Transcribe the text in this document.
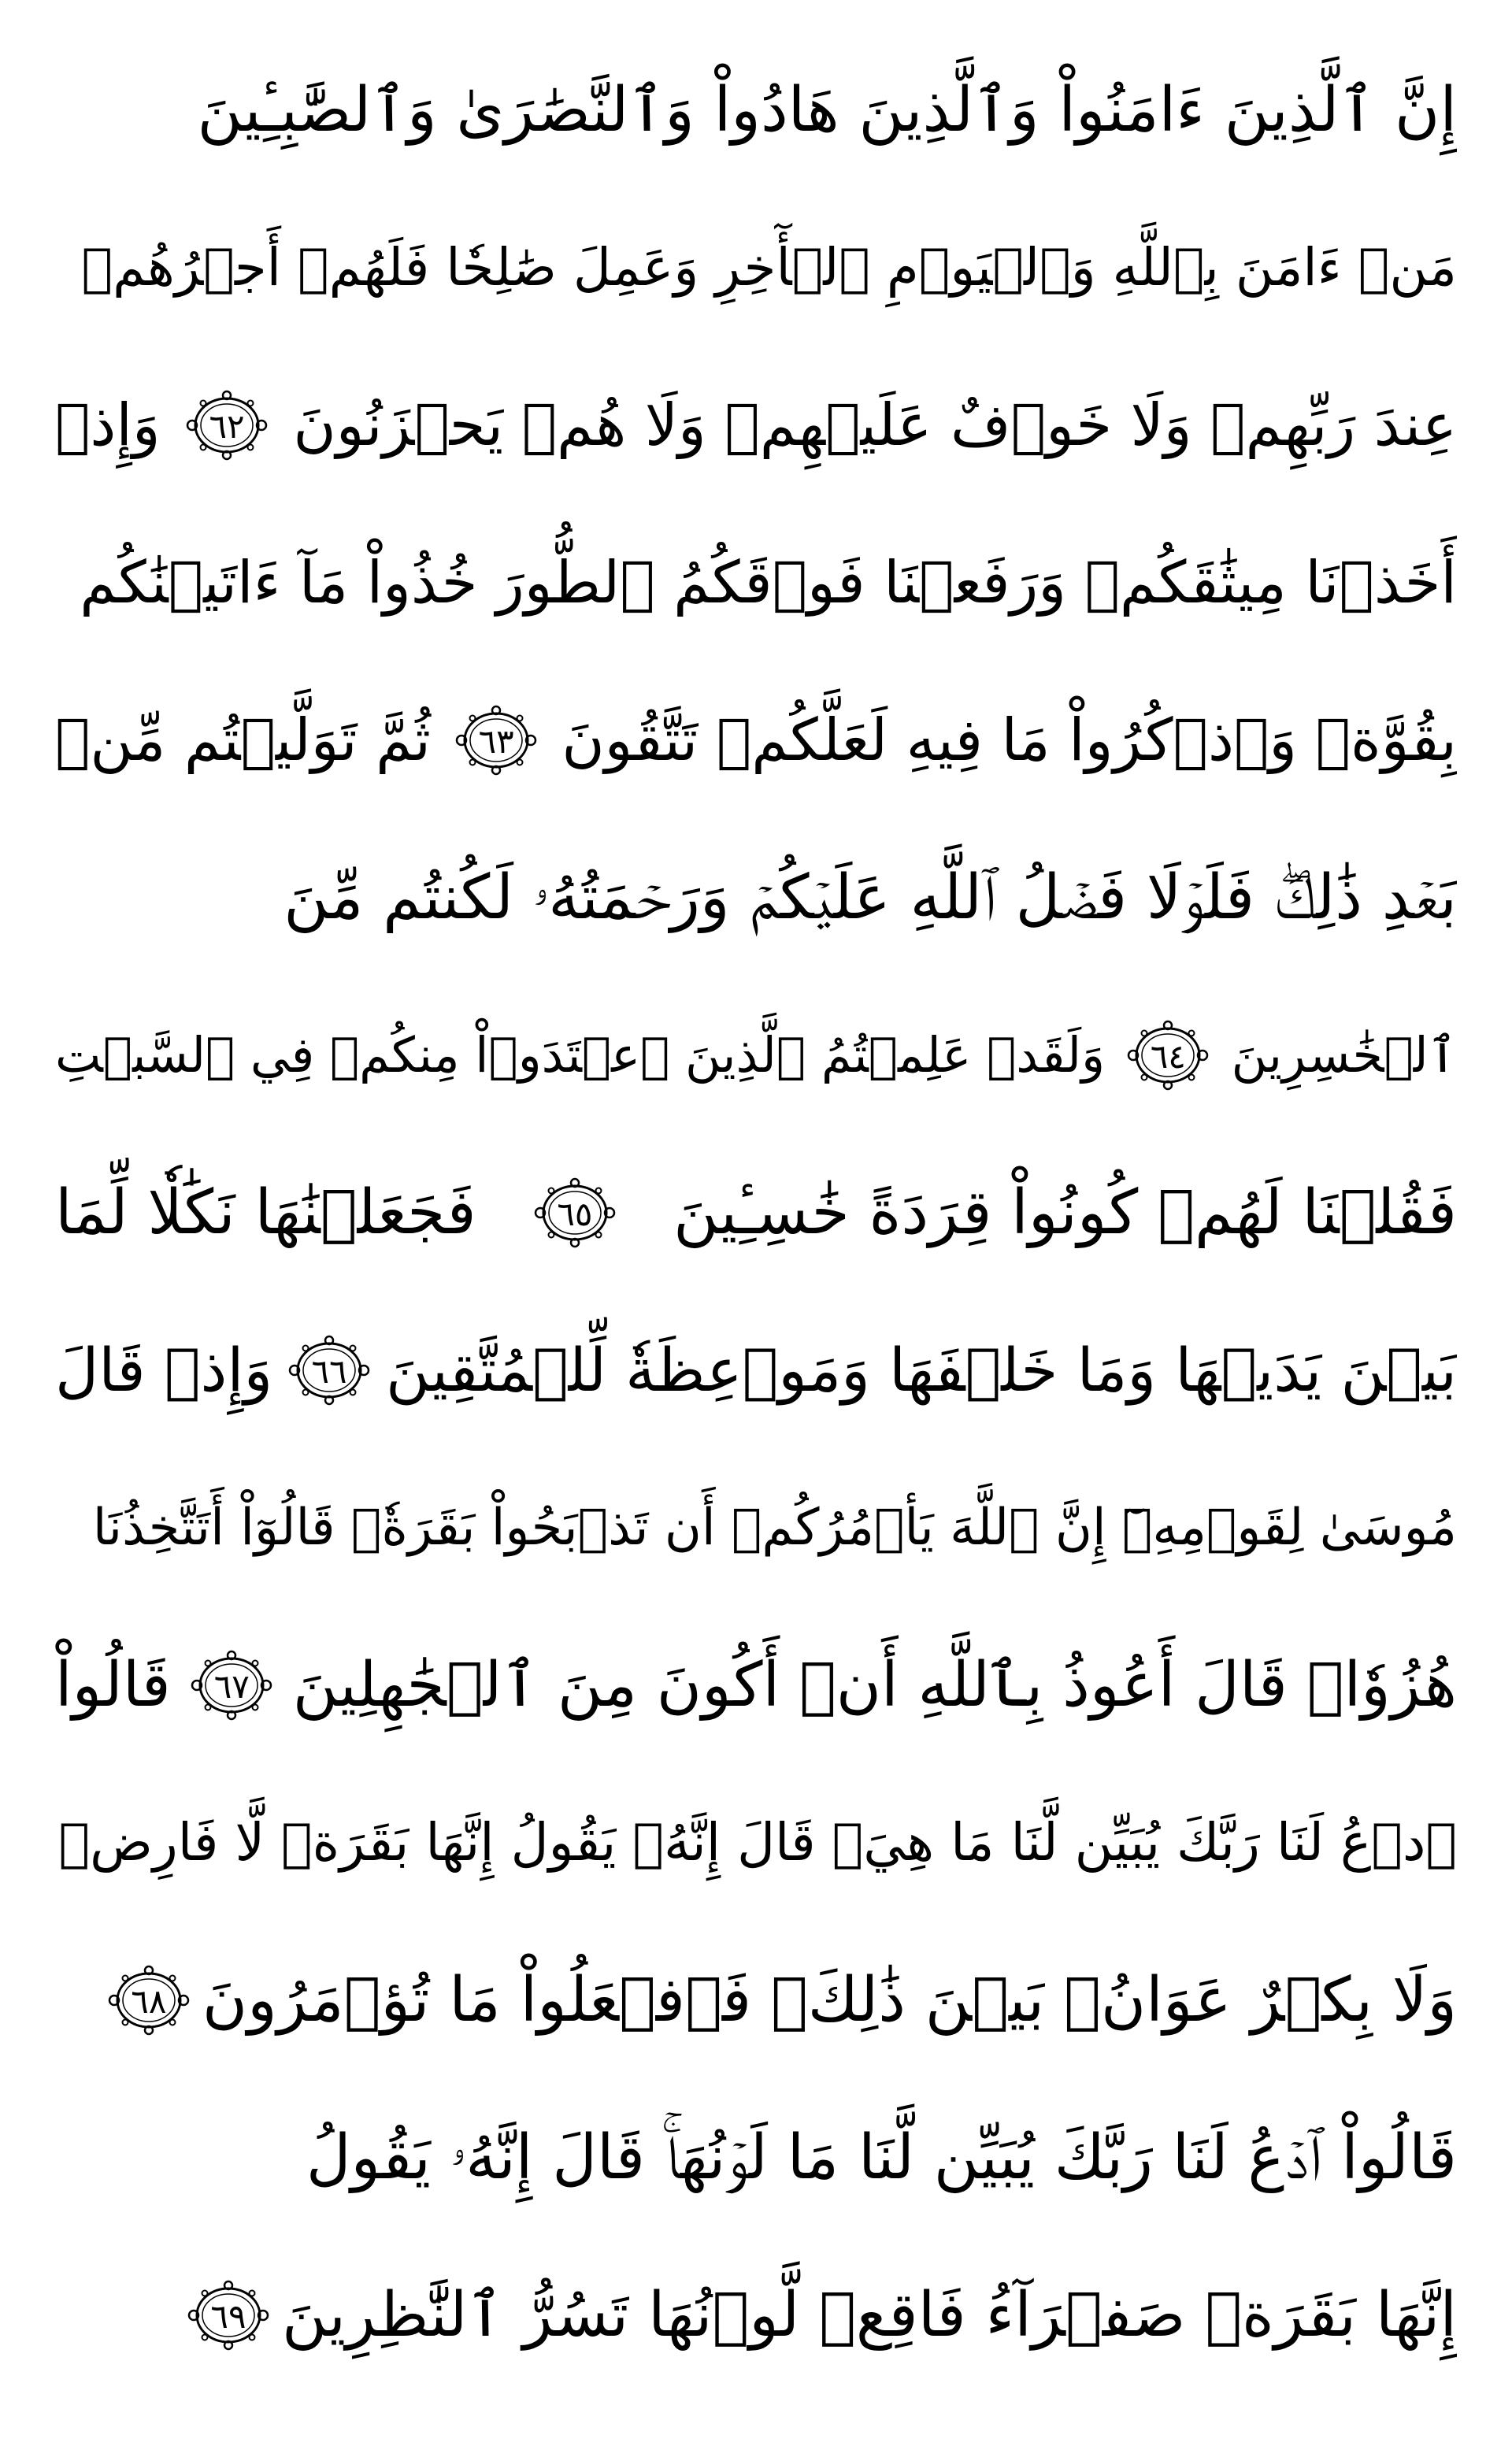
إِنَّ ٱلَّذِينَ ءَامَنُواْ وَٱلَّذِينَ هَادُواْ وَٱلنَّصَٰرَىٰ وَٱلصَّٰبِـِٔينَ
مَنۡ ءَامَنَ بِٱللَّهِ وَٱلۡيَوۡمِ ٱلۡأٓخِرِ وَعَمِلَ صَٰلِحٗا فَلَهُمۡ أَجۡرُهُمۡ
عِندَ رَبِّهِمۡ وَلَا خَوۡفٌ عَلَيۡهِمۡ وَلَا هُمۡ يَحۡزَنُونَ
٦٢
وَإِذۡ
أَخَذۡنَا مِيثَٰقَكُمۡ وَرَفَعۡنَا فَوۡقَكُمُ ٱلطُّورَ خُذُواْ مَآ ءَاتَيۡنَٰكُم
بِقُوَّةٖ وَٱذۡكُرُواْ مَا فِيهِ لَعَلَّكُمۡ تَتَّقُونَ
٦٣
ثُمَّ تَوَلَّيۡتُم مِّنۢ
بَعۡدِ ذَٰلِكَۖ فَلَوۡلَا فَضۡلُ ٱللَّهِ عَلَيۡكُمۡ وَرَحۡمَتُهُۥ لَكُنتُم مِّنَ
ٱلۡخَٰسِرِينَ
٦٤
وَلَقَدۡ عَلِمۡتُمُ ٱلَّذِينَ ٱعۡتَدَوۡاْ مِنكُمۡ فِي ٱلسَّبۡتِ
فَقُلۡنَا لَهُمۡ كُونُواْ قِرَدَةً خَٰسِـِٔينَ
٦٥
فَجَعَلۡنَٰهَا نَكَٰلٗا لِّمَا
بَيۡنَ يَدَيۡهَا وَمَا خَلۡفَهَا وَمَوۡعِظَةٗ لِّلۡمُتَّقِينَ
٦٦
وَإِذۡ قَالَ
مُوسَىٰ لِقَوۡمِهِۦٓ إِنَّ ٱللَّهَ يَأۡمُرُكُمۡ أَن تَذۡبَحُواْ بَقَرَةٗۖ قَالُوٓاْ أَتَتَّخِذُنَا
هُزُوٗاۖ قَالَ أَعُوذُ بِٱللَّهِ أَنۡ أَكُونَ مِنَ ٱلۡجَٰهِلِينَ
٦٧
قَالُواْ
ٱدۡعُ لَنَا رَبَّكَ يُبَيِّن لَّنَا مَا هِيَۚ قَالَ إِنَّهُۥ يَقُولُ إِنَّهَا بَقَرَةٞ لَّا فَارِضٞ
وَلَا بِكۡرٌ عَوَانُۢ بَيۡنَ ذَٰلِكَۖ فَٱفۡعَلُواْ مَا تُؤۡمَرُونَ
٦٨
قَالُواْ ٱدۡعُ لَنَا رَبَّكَ يُبَيِّن لَّنَا مَا لَوۡنُهَاۚ قَالَ إِنَّهُۥ يَقُولُ
إِنَّهَا بَقَرَةٞ صَفۡرَآءُ فَاقِعٞ لَّوۡنُهَا تَسُرُّ ٱلنَّٰظِرِينَ
٦٩
